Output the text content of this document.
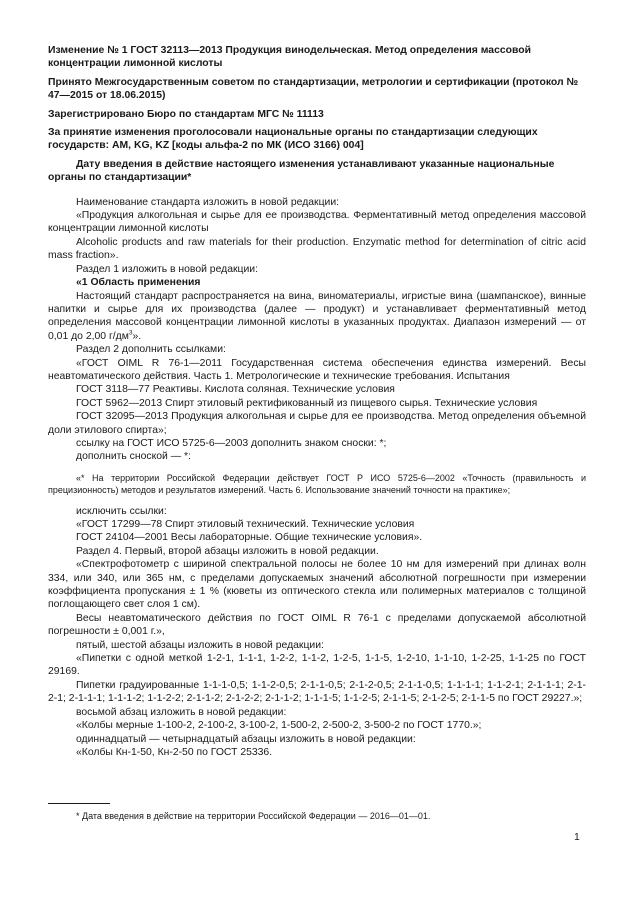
Изменение № 1 ГОСТ 32113—2013 Продукция винодельческая. Метод определения массовой концентрации лимонной кислоты

Принято Межгосударственным советом по стандартизации, метрологии и сертификации (протокол № 47—2015 от 18.06.2015)

Зарегистрировано Бюро по стандартам МГС № 11113

За принятие изменения проголосовали национальные органы по стандартизации следующих государств: AM, KG, KZ [коды альфа-2 по МК (ИСО 3166) 004]

Дату введения в действие настоящего изменения устанавливают указанные национальные органы по стандартизации*

Наименование стандарта изложить в новой редакции:

«Продукция алкогольная и сырье для ее производства. Ферментативный метод определения массовой концентрации лимонной кислоты

Alcoholic products and raw materials for their production. Enzymatic method for determination of citric acid mass fraction».

Раздел 1 изложить в новой редакции:

«1 Область применения

Настоящий стандарт распространяется на вина, виноматериалы, игристые вина (шампанское), винные напитки и сырье для их производства (далее — продукт) и устанавливает ферментативный метод определения массовой концентрации лимонной кислоты в указанных продуктах. Диапазон измерений — от 0,01 до 2,00 $г/дм^3$».

Раздел 2 дополнить ссылками:

«ГОСТ OIML R 76-1—2011 Государственная система обеспечения единства измерений. Весы неавтоматического действия. Часть 1. Метрологические и технические требования. Испытания

ГОСТ 3118—77 Реактивы. Кислота соляная. Технические условия

ГОСТ 5962—2013 Спирт этиловый ректификованный из пищевого сырья. Технические условия

ГОСТ 32095—2013 Продукция алкогольная и сырье для ее производства. Метод определения объемной доли этилового спирта»;

ссылку на ГОСТ ИСО 5725-6—2003 дополнить знаком сноски: *;

дополнить сноской — *:

«* На территории Российской Федерации действует ГОСТ Р ИСО 5725-6—2002 «Точность (правильность и прецизионность) методов и результатов измерений. Часть 6. Использование значений точности на практике»;

исключить ссылки:

«ГОСТ 17299—78 Спирт этиловый технический. Технические условия

ГОСТ 24104—2001 Весы лабораторные. Общие технические условия».

Раздел 4. Первый, второй абзацы изложить в новой редакции.

«Спектрофотометр с шириной спектральной полосы не более 10 нм для измерений при длинах волн 334, или 340, или 365 нм, с пределами допускаемых значений абсолютной погрешности при измерении коэффициента пропускания ± 1 % (кюветы из оптического стекла или полимерных материалов с толщиной поглощающего свет слоя 1 см).

Весы неавтоматического действия по ГОСТ OIML R 76-1 с пределами допускаемой абсолютной погрешности ± 0,001 г.»,

пятый, шестой абзацы изложить в новой редакции:

«Пипетки с одной меткой 1-2-1, 1-1-1, 1-2-2, 1-1-2, 1-2-5, 1-1-5, 1-2-10, 1-1-10, 1-2-25, 1-1-25 по ГОСТ 29169.

Пипетки градуированные 1-1-1-0,5; 1-1-2-0,5; 2-1-1-0,5; 2-1-2-0,5; 2-1-1-0,5; 1-1-1-1; 1-1-2-1; 2-1-1-1; 2-1-2-1; 2-1-1-1; 1-1-1-2; 1-1-2-2; 2-1-1-2; 2-1-2-2; 2-1-1-2; 1-1-1-5; 1-1-2-5; 2-1-1-5; 2-1-2-5; 2-1-1-5 по ГОСТ 29227.»;

восьмой абзац изложить в новой редакции:

«Колбы мерные 1-100-2, 2-100-2, 3-100-2, 1-500-2, 2-500-2, 3-500-2 по ГОСТ 1770.»;

одиннадцатый — четырнадцатый абзацы изложить в новой редакции:

«Колбы Кн-1-50, Кн-2-50 по ГОСТ 25336.

* Дата введения в действие на территории Российской Федерации — 2016—01—01.
1
